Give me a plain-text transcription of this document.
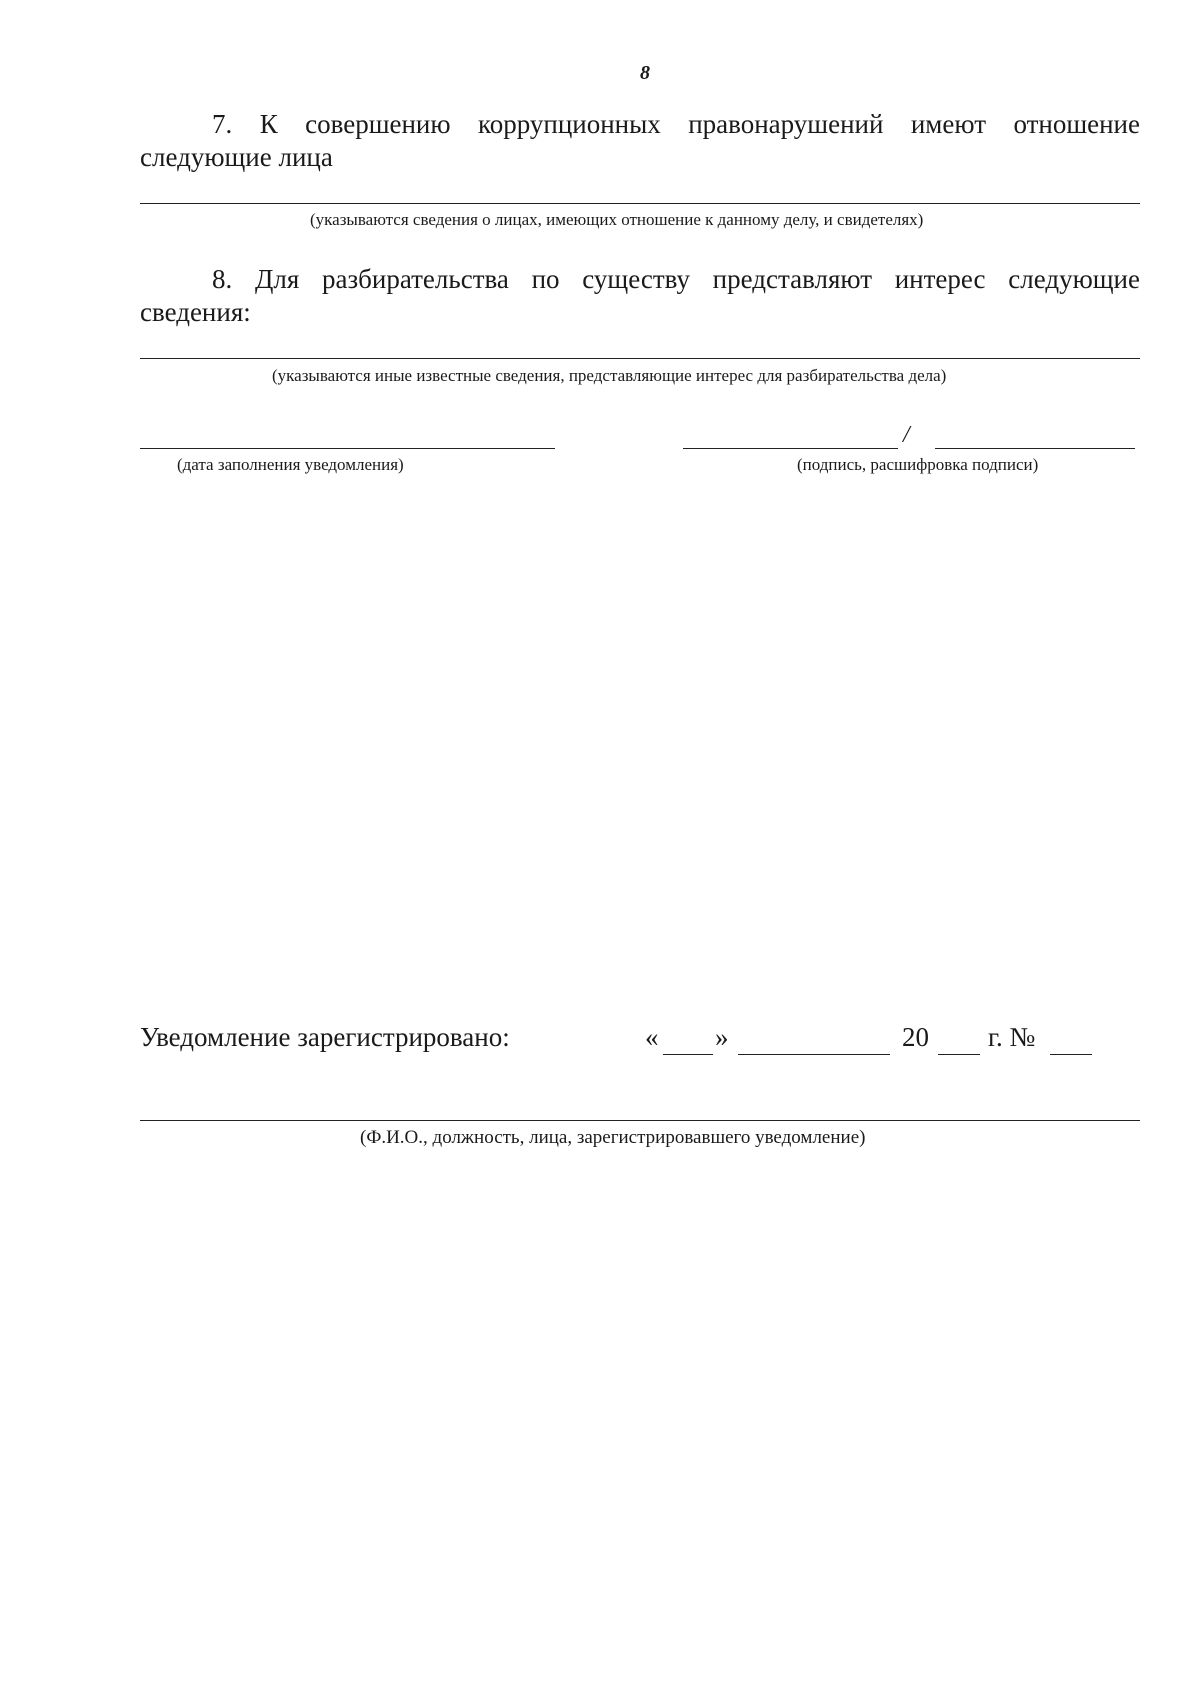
8
7. К совершению коррупционных правонарушений имеют отношение
следующие лица
(указываются сведения о лицах, имеющих отношение к данному делу, и свидетелях)
8. Для разбирательства по существу представляют интерес следующие
сведения:
(указываются иные известные сведения, представляющие интерес для разбирательства дела)
(дата заполнения уведомления)
/
(подпись, расшифровка подписи)
Уведомление зарегистрировано:	« »	20 г. №
(Ф.И.О., должность, лица, зарегистрировавшего уведомление)
